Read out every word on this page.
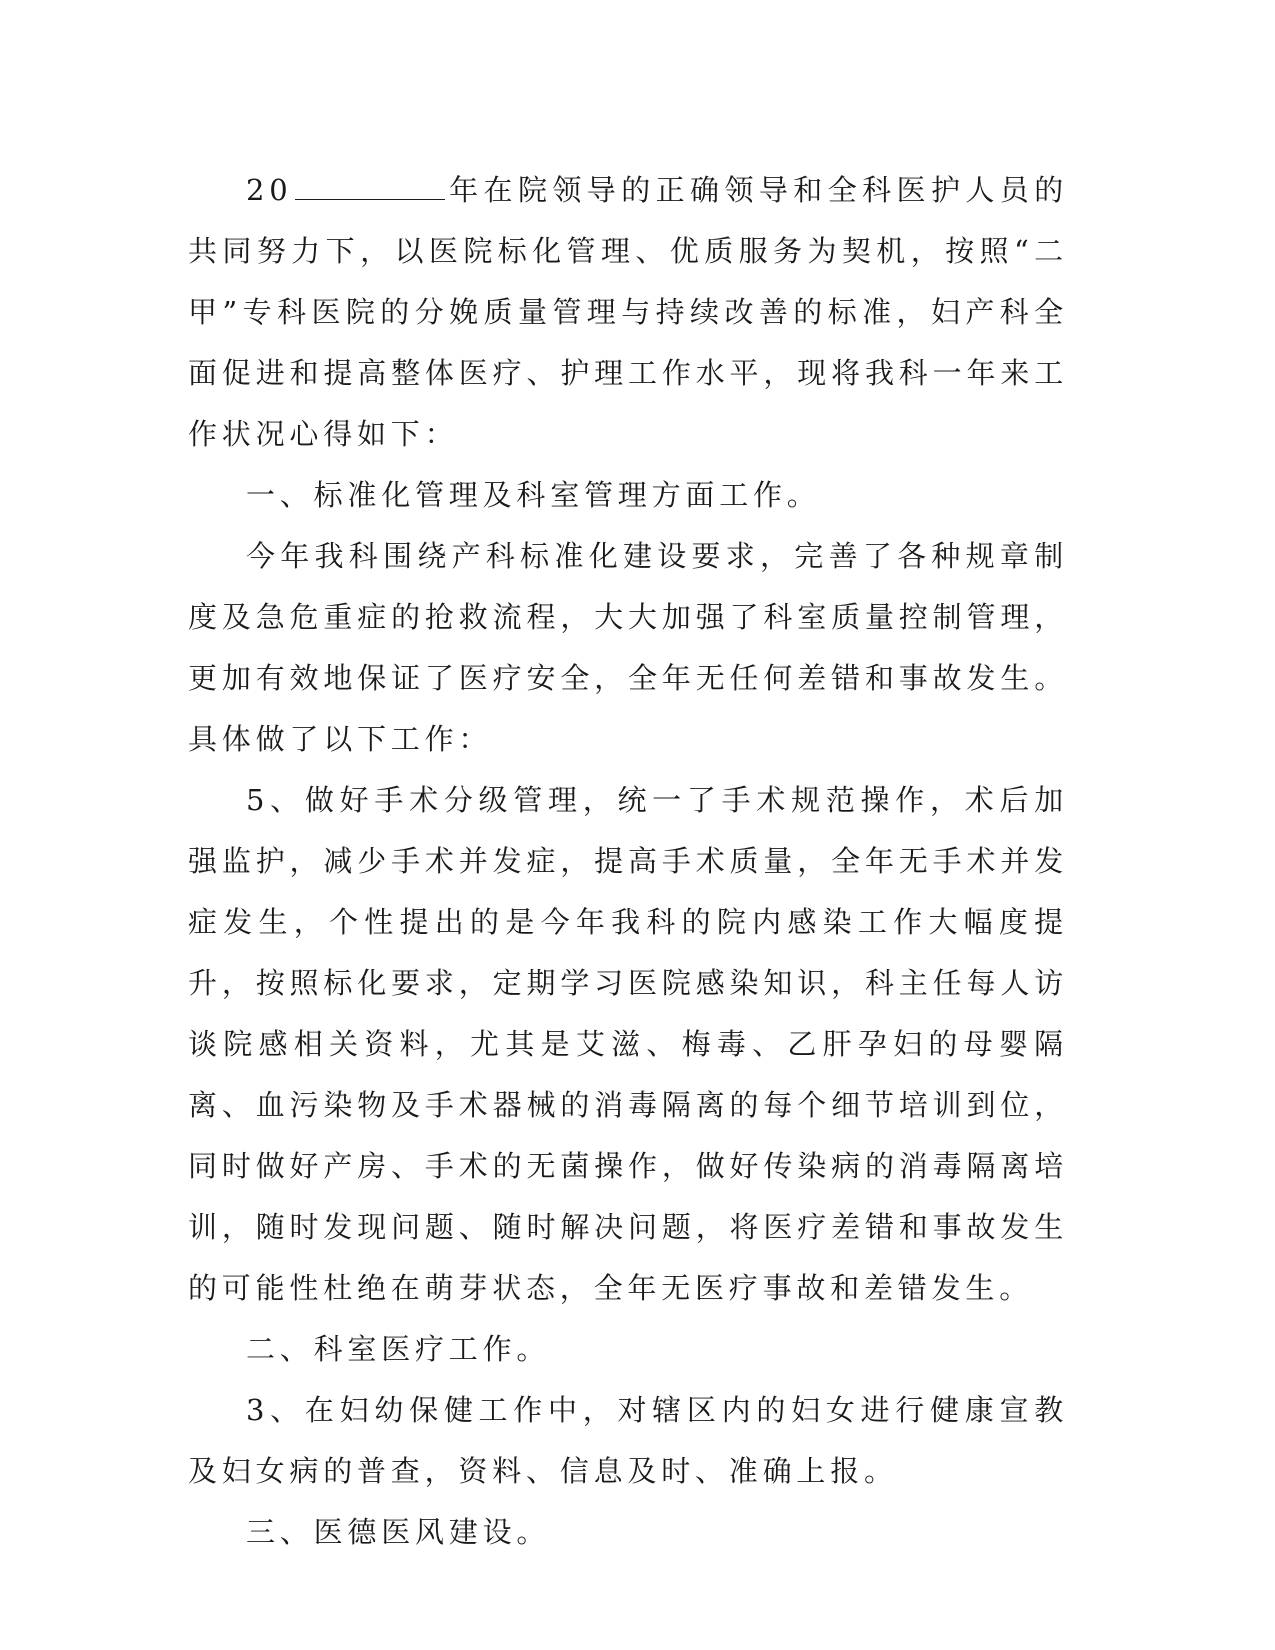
20	年在院领导的正确领导和全科医护人员的共同努力下，以医院标化管理、优质服务为契机，按照“二甲”专科医院的分娩质量管理与持续改善的标准，妇产科全面促进和提高整体医疗、护理工作水平，现将我科一年来工作状况心得如下：

一、标准化管理及科室管理方面工作。

今年我科围绕产科标准化建设要求，完善了各种规章制度及急危重症的抢救流程，大大加强了科室质量控制管理，更加有效地保证了医疗安全，全年无任何差错和事故发生。具体做了以下工作：

5、做好手术分级管理，统一了手术规范操作，术后加强监护，减少手术并发症，提高手术质量，全年无手术并发症发生，个性提出的是今年我科的院内感染工作大幅度提升，按照标化要求，定期学习医院感染知识，科主任每人访谈院感相关资料，尤其是艾滋、梅毒、乙肝孕妇的母婴隔离、血污染物及手术器械的消毒隔离的每个细节培训到位，同时做好产房、手术的无菌操作，做好传染病的消毒隔离培训，随时发现问题、随时解决问题，将医疗差错和事故发生的可能性杜绝在萌芽状态，全年无医疗事故和差错发生。

二、科室医疗工作。

3、在妇幼保健工作中，对辖区内的妇女进行健康宣教及妇女病的普查，资料、信息及时、准确上报。

三、医德医风建设。
